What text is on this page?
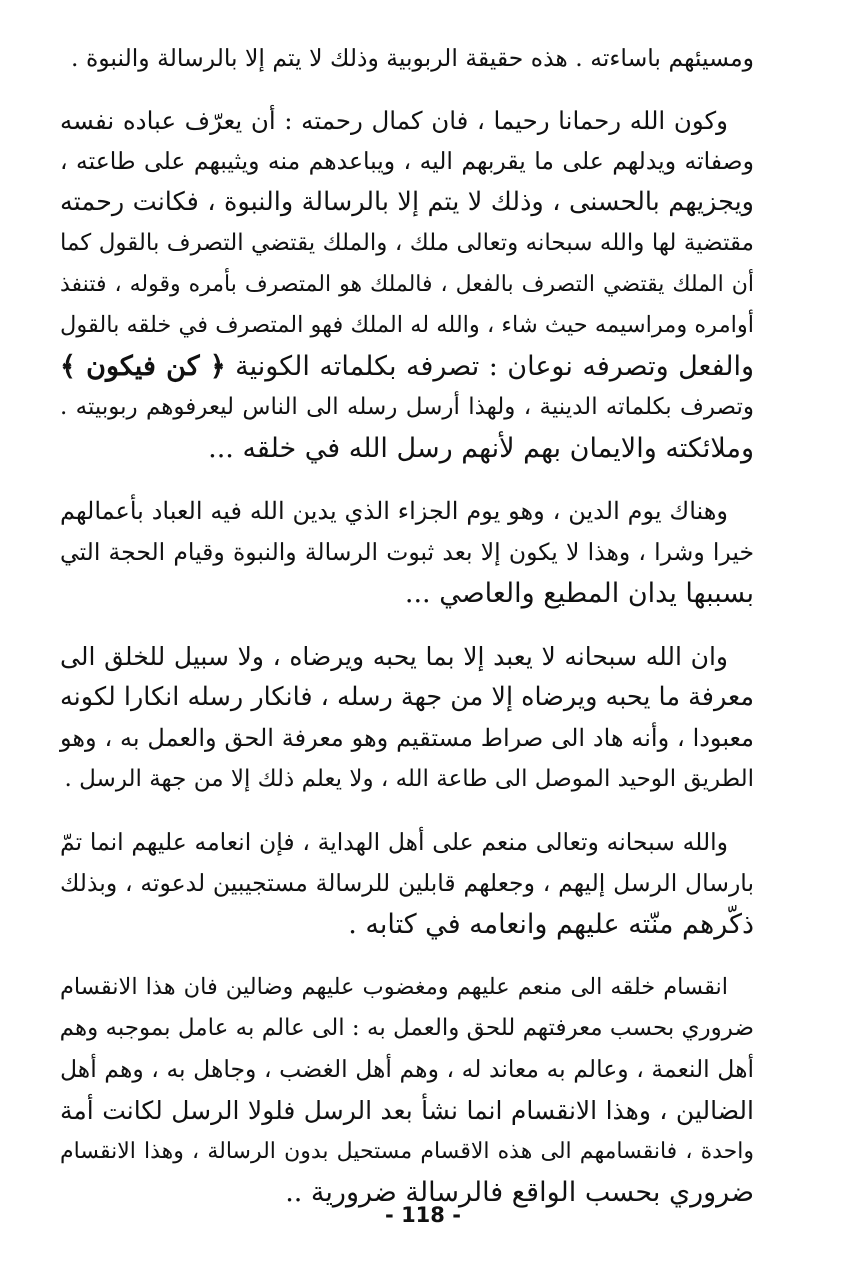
ومسيئهم باساءته . هذه حقيقة الربوبية وذلك لا يتم إلا بالرسالة والنبوة .

وكون الله رحمانا رحيما ، فان كمال رحمته : أن يعرّف عباده نفسه
وصفاته ويدلهم على ما يقربهم اليه ، ويباعدهم منه ويثيبهم على طاعته ،
ويجزيهم بالحسنى ، وذلك لا يتم إلا بالرسالة والنبوة ، فكانت رحمته
مقتضية لها والله سبحانه وتعالى ملك ، والملك يقتضي التصرف بالقول كما
أن الملك يقتضي التصرف بالفعل ، فالملك هو المتصرف بأمره وقوله ، فتنفذ
أوامره ومراسيمه حيث شاء ، والله له الملك فهو المتصرف في خلقه بالقول
والفعل وتصرفه نوعان : تصرفه بكلماته الكونية ﴿ كن فيكون ﴾
وتصرف بكلماته الدينية ، ولهذا أرسل رسله الى الناس ليعرفوهم ربوبيته .
وملائكته والايمان بهم لأنهم رسل الله في خلقه ...

وهناك يوم الدين ، وهو يوم الجزاء الذي يدين الله فيه العباد بأعمالهم
خيرا وشرا ، وهذا لا يكون إلا بعد ثبوت الرسالة والنبوة وقيام الحجة التي
بسببها يدان المطيع والعاصي ...

وان الله سبحانه لا يعبد إلا بما يحبه ويرضاه ، ولا سبيل للخلق الى
معرفة ما يحبه ويرضاه إلا من جهة رسله ، فانكار رسله انكارا لكونه
معبودا ، وأنه هاد الى صراط مستقيم وهو معرفة الحق والعمل به ، وهو
الطريق الوحيد الموصل الى طاعة الله ، ولا يعلم ذلك إلا من جهة الرسل .

والله سبحانه وتعالى منعم على أهل الهداية ، فإن انعامه عليهم انما تمّ
بارسال الرسل إليهم ، وجعلهم قابلين للرسالة مستجيبين لدعوته ، وبذلك
ذكّرهم منّته عليهم وانعامه في كتابه .

انقسام خلقه الى منعم عليهم ومغضوب عليهم وضالين فان هذا الانقسام
ضروري بحسب معرفتهم للحق والعمل به : الى عالم به عامل بموجبه وهم
أهل النعمة ، وعالم به معاند له ، وهم أهل الغضب ، وجاهل به ، وهم أهل
الضالين ، وهذا الانقسام انما نشأ بعد الرسل فلولا الرسل لكانت أمة
واحدة ، فانقسامهم الى هذه الاقسام مستحيل بدون الرسالة ، وهذا الانقسام
ضروري بحسب الواقع فالرسالة ضرورية ..

- 118 -
